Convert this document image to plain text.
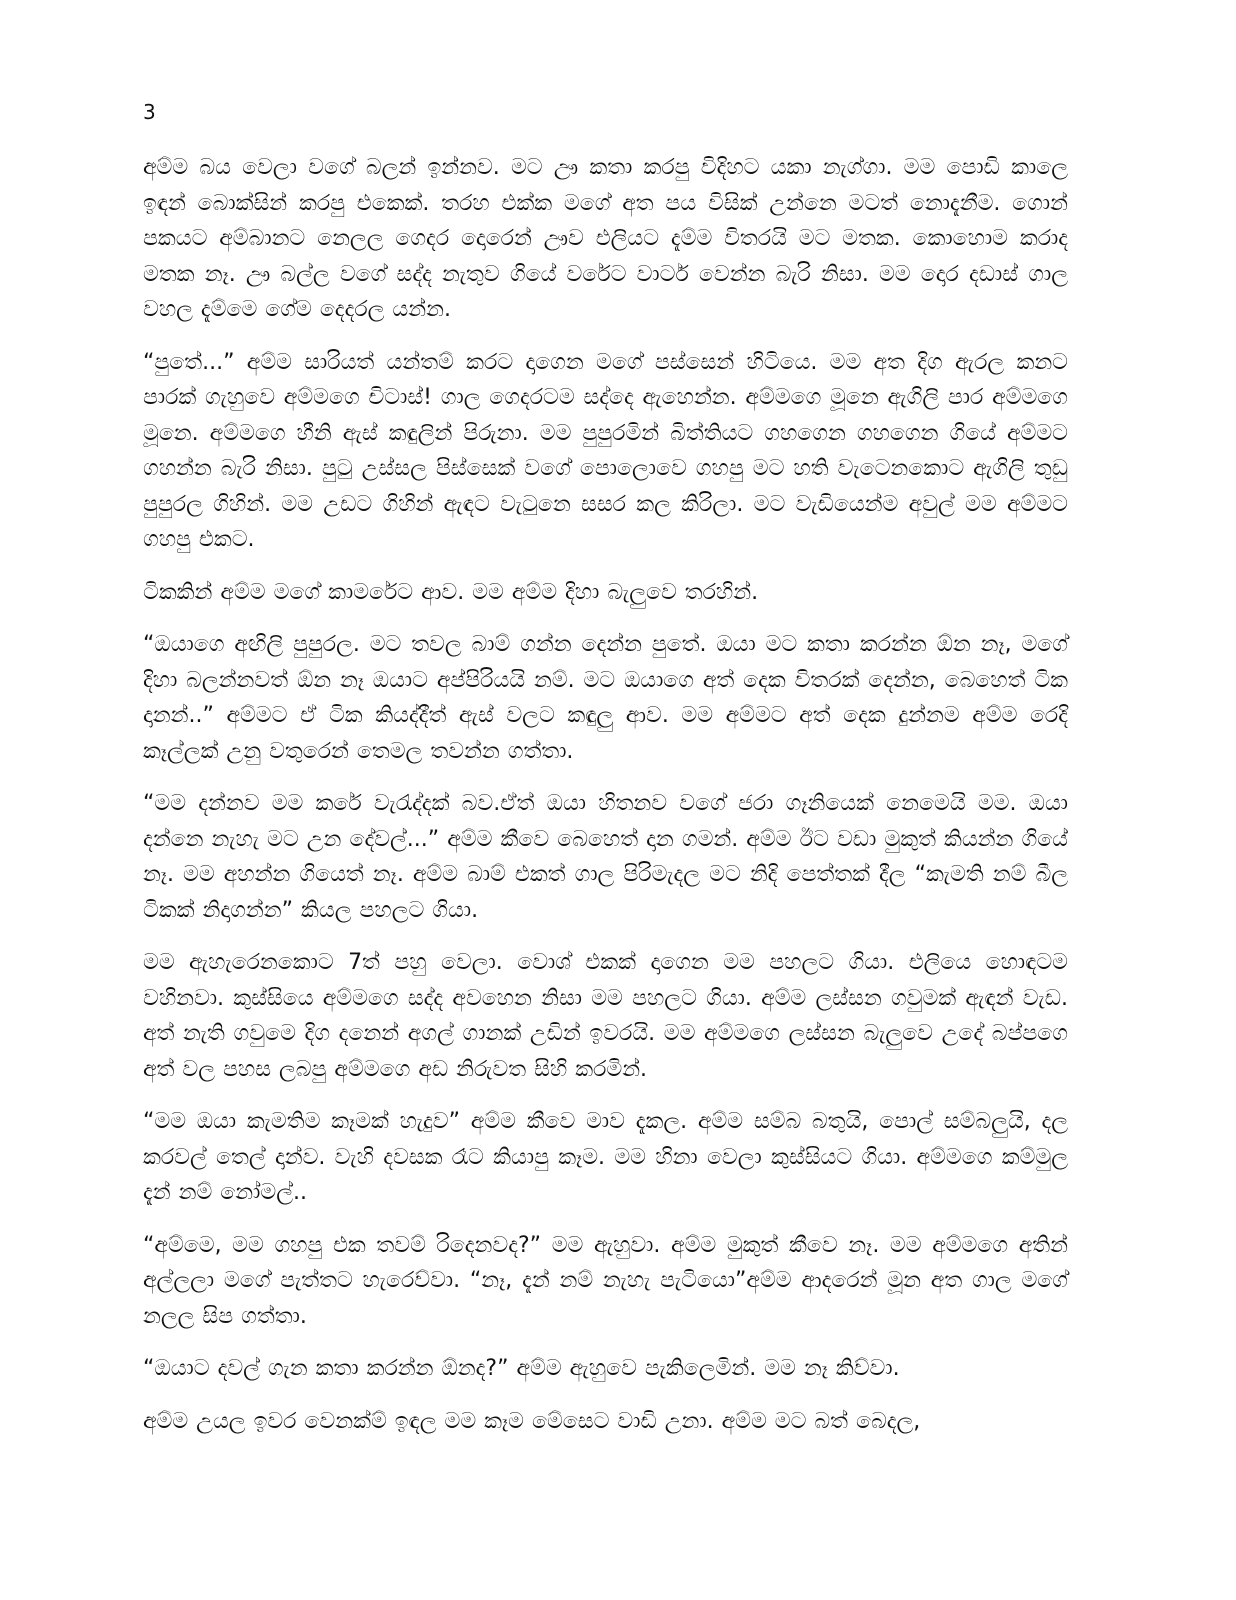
3

අම්ම බය වෙලා වගේ බලන් ඉන්නව. මට ඌ කතා කරපු විදිහට යකා නැග්ගා. මම පොඩි කාලෙ ඉඳන් බොක්සින් කරපු එකෙක්. තරහ එක්ක මගේ අත පය විසික් උන්නෙ මටත් නොදැනීම. ගොන් පකයට අම්බානට නෙලල ගෙදර දොරෙන් ඌව එලියට දැම්ම විතරයි මට මතක. කොහොම කරාද මතක නෑ. ඌ බල්ල වගේ සද්ද නැතුව ගියේ වරේට වාටර් වෙන්න බැරි නිසා. මම දොර දඩාස් ගාල වහල දැම්මෙ ගේම දෙදරල යන්න.

“පුතේ...” අම්ම සාරියත් යන්තම් කරට දාගෙන මගේ පස්සෙන් හිටියෙ. මම අත දිග ඇරල කනට පාරක් ගැහුවෙ අම්මගෙ චිටාස්! ගාල ගෙදරටම සද්දෙ ඇහෙන්න. අම්මගෙ මූනෙ ඇගිලි පාර අම්මගෙ මූනෙ. අම්මගෙ හීනි ඇස් කඳුලින් පිරුනා. මම පුපුරමින් බිත්තියට ගහගෙන ගහගෙන ගියේ අම්මට ගහන්න බැරි නිසා. පුටු උස්සල පිස්සෙක් වගේ පොලොවෙ ගහපු මට හති වැටෙනකොට ඇගිලි තුඩු පුපුරල ගිහින්. මම උඩට ගිහින් ඇඳට වැටුනෙ සසර කල කිරිලා. මට වැඩියෙන්ම අවුල් මම අම්මට ගහපු එකට.

ටිකකින් අම්ම මගේ කාමරේට ආව. මම අම්ම දිහා බැලුවෙ තරහින්.

“ඔයාගෙ අඟිලි පුපුරල. මට තවල බාම් ගන්න දෙන්න පුතේ. ඔයා මට කතා කරන්න ඕන නෑ, මගේ දිහා බලන්නවත් ඕන නෑ ඔයාට අප්පිරියයි නම්. මට ඔයාගෙ අත් දෙක විතරක් දෙන්න, බෙහෙත් ටික දානන්..” අම්මට ඒ ටික කියද්දීත් ඇස් වලට කඳුලු ආව. මම අම්මට අත් දෙක දුන්නම අම්ම රෙදි කෑල්ලක් උනු වතුරෙන් තෙමල තවන්න ගත්තා.

“මම දන්නව මම කරේ වැරැද්දක් බව.ඒත් ඔයා හිතනව වගේ ජරා ගෑනියෙක් නෙමෙයි මම. ඔයා දන්නෙ නැහැ මට උන දේවල්...” අම්ම කීවෙ බෙහෙත් දාන ගමන්. අම්ම ඊට වඩා මුකුත් කියන්න ගියේ නෑ. මම අහන්න ගියෙත් නෑ. අම්ම බාම් එකත් ගාල පිරිමැදල මට නිදි පෙත්තක් දීල “කැමති නම් බීල ටිකක් නිදාගන්න” කියල පහලට ගියා.

මම ඇහැරෙනකොට 7ත් පහු වෙලා. වොශ් එකක් දාගෙන මම පහලට ගියා. එලියෙ හොඳටම වහිනවා. කුස්සියෙ අම්මගෙ සද්ද අවහෙන නිසා මම පහලට ගියා. අම්ම ලස්සන ගවුමක් ඇඳන් වැඩ. අත් නැති ගවුමෙ දිග දනෙන් අගල් ගානක් උඩින් ඉවරයි. මම අම්මගෙ ලස්සන බැලුවෙ උදේ බප්පගෙ අත් වල පහස ලබපු අම්මගෙ අඩ නිරුවත සිහි කරමින්.

“මම ඔයා කැමතිම කෑමක් හැදුව” අම්ම කීවෙ මාව දැකල. අම්ම සම්බ බතුයි, පොල් සම්බලුයි, දල කරවල් තෙල් දාන්ව. වැහි දවසක රෑට කියාපු කෑම. මම හිනා වෙලා කුස්සියට ගියා. අම්මගෙ කම්මුල දැන් නම් නෝමල්..

“අම්මෙ, මම ගහපු එක තවම් රිදෙනවද?” මම ඇහුවා. අම්ම මුකුත් කීවෙ නෑ. මම අම්මගෙ අතින් අල්ලලා මගේ පැත්තට හැරෙව්වා. “නෑ, දැන් නම් නැහැ පැටියො”අම්ම ආදරෙන් මූන අත ගාල මගේ නලල සිප ගත්තා.

“ඔයාට දවල් ගැන කතා කරන්න ඕනද?” අම්ම ඇහුවෙ පැකිලෙමින්. මම නෑ කිව්වා.

අම්ම උයල ඉවර වෙනක්ම් ඉඳල මම කෑම මේසෙට වාඩි උනා. අම්ම මට බත් බෙදල,
